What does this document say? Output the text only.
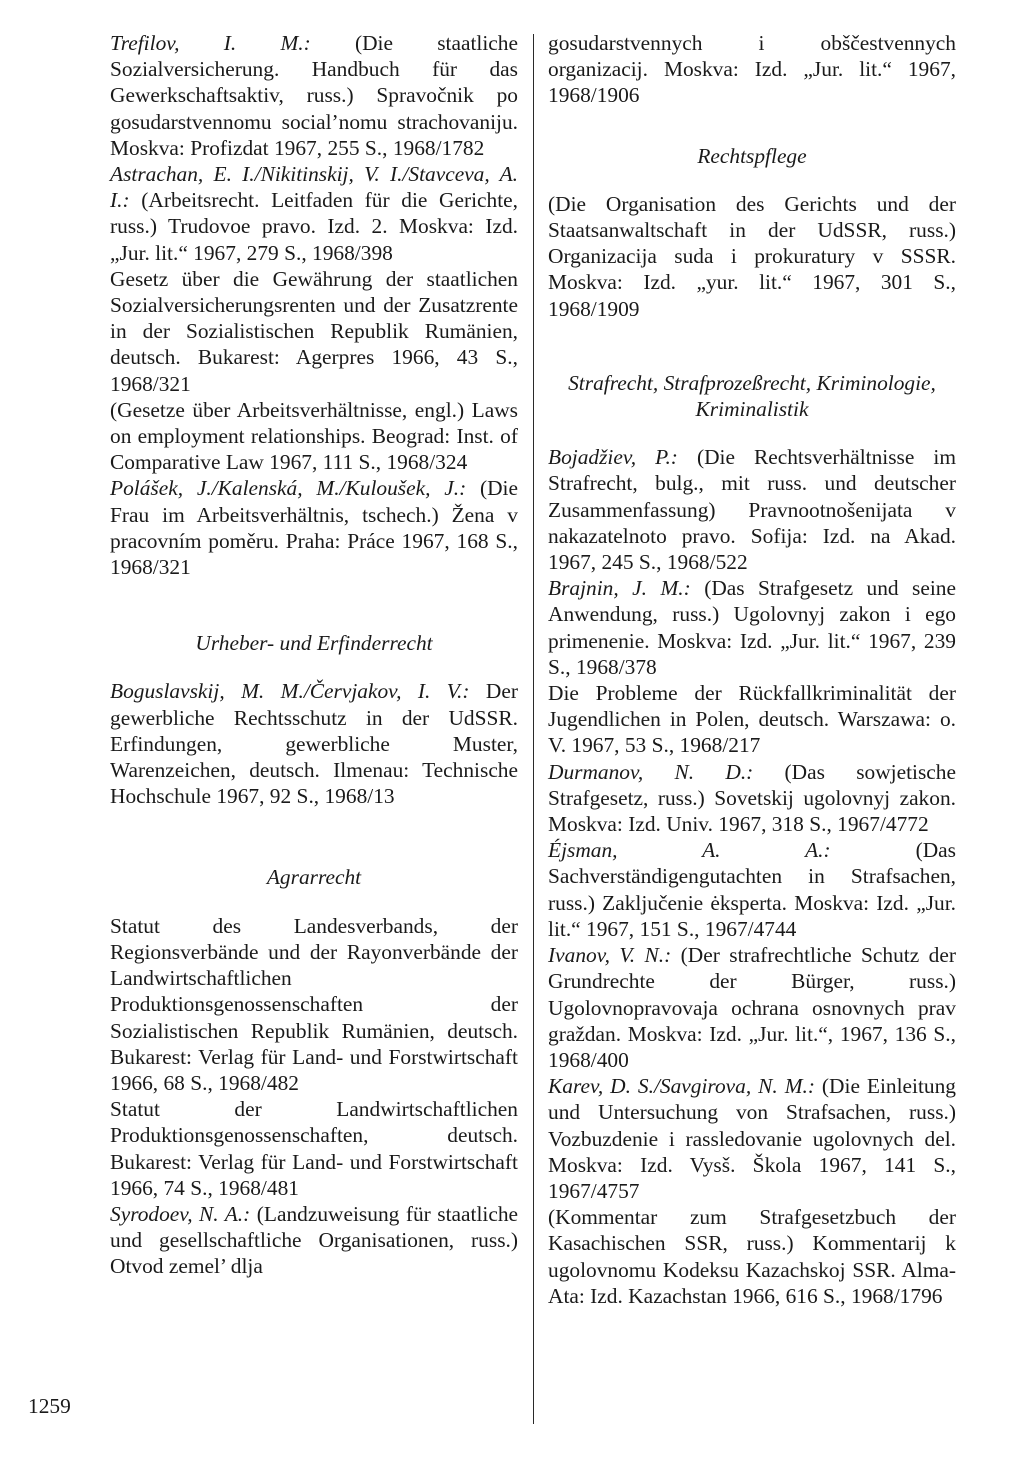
Trefilov, I. M.: (Die staatliche Sozialversicherung. Handbuch für das Gewerkschaftsaktiv, russ.) Spravočnik po gosudarstvennomu social’nomu strachovaniju. Moskva: Profizdat 1967, 255 S., 1968/1782

Astrachan, E. I./Nikitinskij, V. I./Stavceva, A. I.: (Arbeitsrecht. Leitfaden für die Gerichte, russ.) Trudovoe pravo. Izd. 2. Moskva: Izd. „Jur. lit.“ 1967, 279 S., 1968/398

Gesetz über die Gewährung der staatlichen Sozialversicherungsrenten und der Zusatzrente in der Sozialistischen Republik Rumänien, deutsch. Bukarest: Agerpres 1966, 43 S., 1968/321

(Gesetze über Arbeitsverhältnisse, engl.) Laws on employment relationships. Beograd: Inst. of Comparative Law 1967, 111 S., 1968/324

Polášek, J./Kalenská, M./Kuloušek, J.: (Die Frau im Arbeitsverhältnis, tschech.) Žena v pracovním poměru. Praha: Práce 1967, 168 S., 1968/321

Urheber- und Erfinderrecht

Boguslavskij, M. M./Červjakov, I. V.: Der gewerbliche Rechtsschutz in der UdSSR. Erfindungen, gewerbliche Muster, Warenzeichen, deutsch. Ilmenau: Technische Hochschule 1967, 92 S., 1968/13

Agrarrecht

Statut des Landesverbands, der Regionsverbände und der Rayonverbände der Landwirtschaftlichen Produktionsgenossenschaften der Sozialistischen Republik Rumänien, deutsch. Bukarest: Verlag für Land- und Forstwirtschaft 1966, 68 S., 1968/482

Statut der Landwirtschaftlichen Produktionsgenossenschaften, deutsch. Bukarest: Verlag für Land- und Forstwirtschaft 1966, 74 S., 1968/481

Syrodoev, N. A.: (Landzuweisung für staatliche und gesellschaftliche Organisationen, russ.) Otvod zemel’ dlja

gosudarstvennych i obščestvennych organizacij. Moskva: Izd. „Jur. lit.“ 1967, 1968/1906

Rechtspflege

(Die Organisation des Gerichts und der Staatsanwaltschaft in der UdSSR, russ.) Organizacija suda i prokuratury v SSSR. Moskva: Izd. „yur. lit.“ 1967, 301 S., 1968/1909

Strafrecht, Strafprozeßrecht, Kriminologie, Kriminalistik

Bojadžiev, P.: (Die Rechtsverhältnisse im Strafrecht, bulg., mit russ. und deutscher Zusammenfassung) Pravnootnošenijata v nakazatelnoto pravo. Sofija: Izd. na Akad. 1967, 245 S., 1968/522

Brajnin, J. M.: (Das Strafgesetz und seine Anwendung, russ.) Ugolovnyj zakon i ego primenenie. Moskva: Izd. „Jur. lit.“ 1967, 239 S., 1968/378

Die Probleme der Rückfallkriminalität der Jugendlichen in Polen, deutsch. Warszawa: o. V. 1967, 53 S., 1968/217

Durmanov, N. D.: (Das sowjetische Strafgesetz, russ.) Sovetskij ugolovnyj zakon. Moskva: Izd. Univ. 1967, 318 S., 1967/4772

Éjsman, A. A.: (Das Sachverständigengutachten in Strafsachen, russ.) Zaključenie ėksperta. Moskva: Izd. „Jur. lit.“ 1967, 151 S., 1967/4744

Ivanov, V. N.: (Der strafrechtliche Schutz der Grundrechte der Bürger, russ.) Ugolovnopravovaja ochrana osnovnych prav graždan. Moskva: Izd. „Jur. lit.“, 1967, 136 S., 1968/400

Karev, D. S./Savgirova, N. M.: (Die Einleitung und Untersuchung von Strafsachen, russ.) Vozbuzdenie i rassledovanie ugolovnych del. Moskva: Izd. Vysš. Škola 1967, 141 S., 1967/4757

(Kommentar zum Strafgesetzbuch der Kasachischen SSR, russ.) Kommentarij k ugolovnomu Kodeksu Kazachskoj SSR. Alma-Ata: Izd. Kazachstan 1966, 616 S., 1968/1796

1259
